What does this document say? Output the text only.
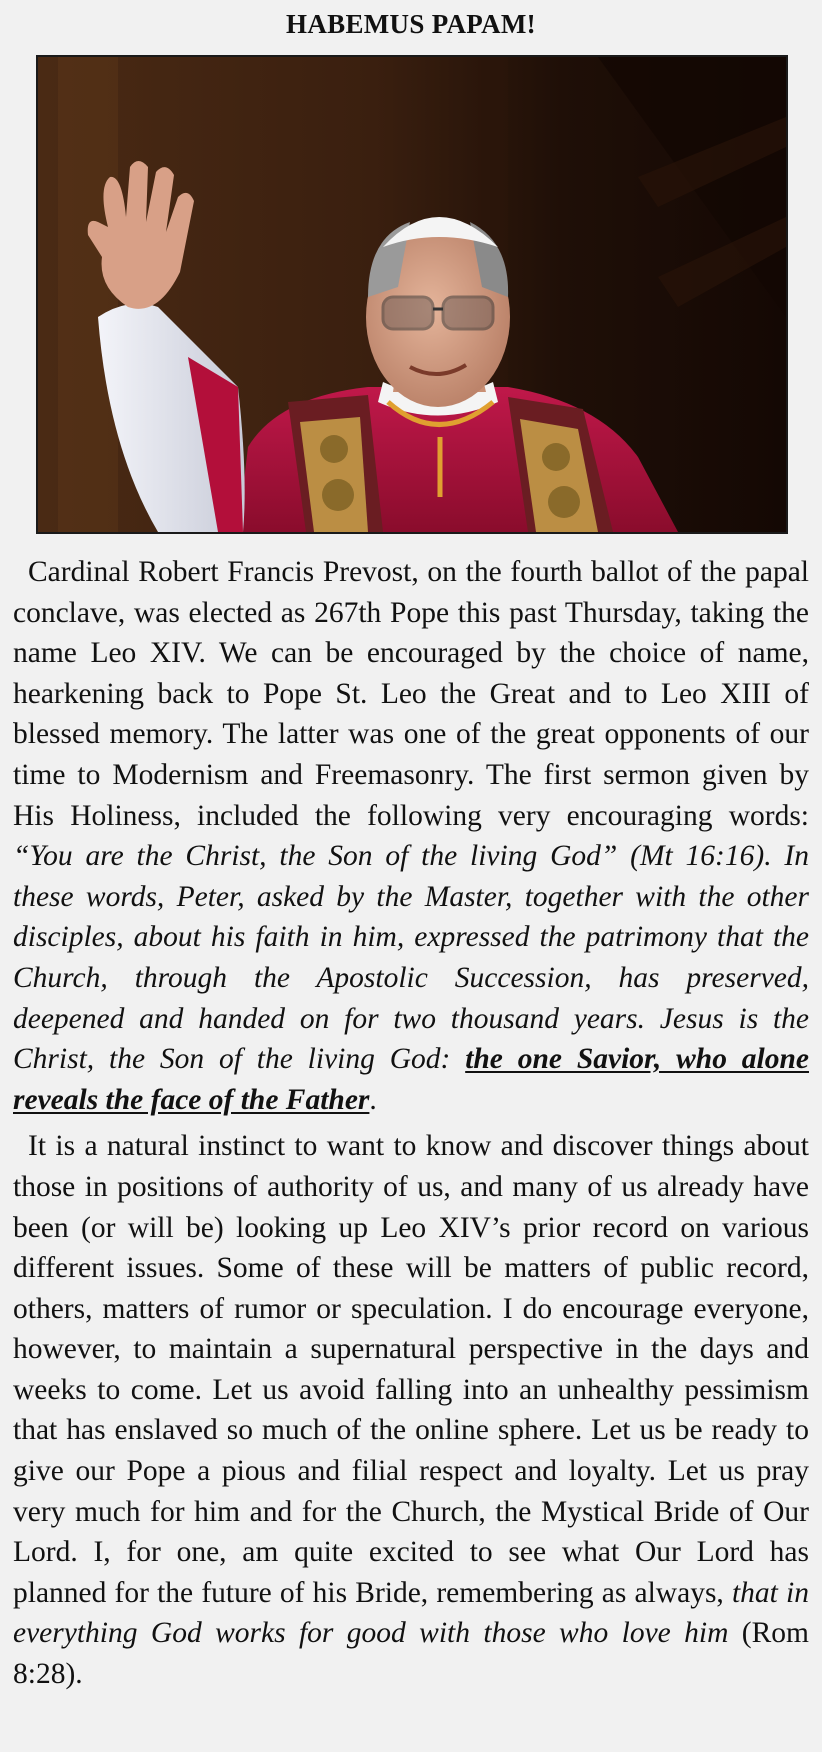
HABEMUS PAPAM!

Cardinal Robert Francis Prevost, on the fourth ballot of the papal conclave, was elected as 267th Pope this past Thursday, taking the name Leo XIV. We can be encouraged by the choice of name, hearkening back to Pope St. Leo the Great and to Leo XIII of blessed memory. The latter was one of the great opponents of our time to Modernism and Freemasonry. The first sermon given by His Holiness, included the following very encouraging words: “You are the Christ, the Son of the living God” (Mt 16:16). In these words, Peter, asked by the Master, together with the other disciples, about his faith in him, expressed the patrimony that the Church, through the Apostolic Succession, has preserved, deepened and handed on for two thousand years. Jesus is the Christ, the Son of the living God: the one Savior, who alone reveals the face of the Father.

It is a natural instinct to want to know and discover things about those in positions of authority of us, and many of us already have been (or will be) looking up Leo XIV’s prior record on various different issues. Some of these will be matters of public record, others, matters of rumor or speculation. I do encourage everyone, however, to maintain a supernatural perspective in the days and weeks to come. Let us avoid falling into an unhealthy pessimism that has enslaved so much of the online sphere. Let us be ready to give our Pope a pious and filial respect and loyalty. Let us pray very much for him and for the Church, the Mystical Bride of Our Lord. I, for one, am quite excited to see what Our Lord has planned for the future of his Bride, remembering as always, that in everything God works for good with those who love him (Rom 8:28).
